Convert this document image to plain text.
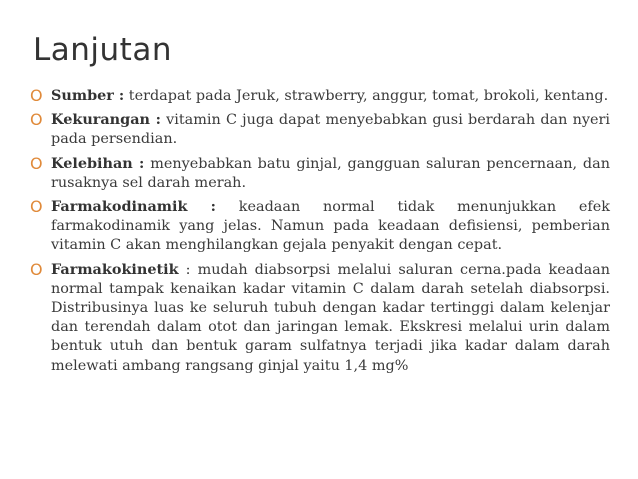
Lanjutan
O Sumber : terdapat pada Jeruk, strawberry, anggur, tomat, brokoli, kentang.
O Kekurangan : vitamin C juga dapat menyebabkan gusi berdarah dan nyeri pada persendian.
O Kelebihan : menyebabkan batu ginjal, gangguan saluran pencernaan, dan rusaknya sel darah merah.
O Farmakodinamik : keadaan normal tidak menunjukkan efek farmakodinamik yang jelas. Namun pada keadaan defisiensi, pemberian vitamin C akan menghilangkan gejala penyakit dengan cepat.
O Farmakokinetik : mudah diabsorpsi melalui saluran cerna.pada keadaan normal tampak kenaikan kadar vitamin C dalam darah setelah diabsorpsi. Distribusinya luas ke seluruh tubuh dengan kadar tertinggi dalam kelenjar dan terendah dalam otot dan jaringan lemak. Ekskresi melalui urin dalam bentuk utuh dan bentuk garam sulfatnya terjadi jika kadar dalam darah melewati ambang rangsang ginjal yaitu 1,4 mg%
